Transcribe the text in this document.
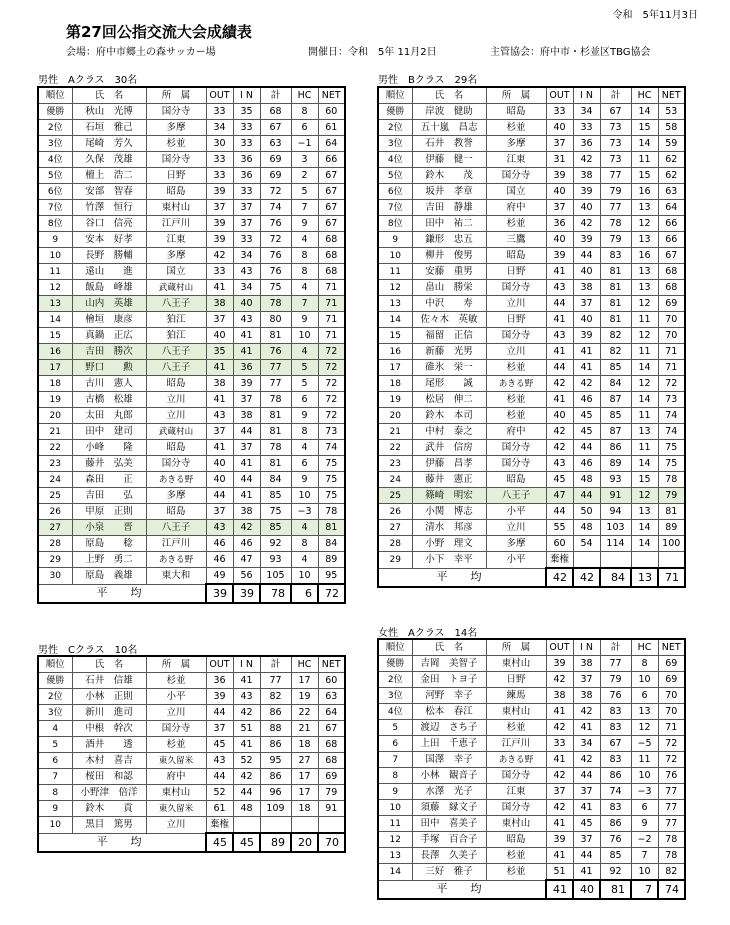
令和　5年11月3日
第27回公指交流大会成績表
会場：府中市郷土の森サッカー場	開催日：令和　5年 11月2日	主管協会：府中市・杉並区TBG協会
男性　Aクラス　30名
順位	氏　名	所　属	OUT	I N	計	HC	NET
優勝	秋山　光博	国分寺	33	35	68	8	60
2位	石垣　雅己	多摩	34	33	67	6	61
3位	尾崎　芳久	杉並	30	33	63	−1	64
4位	久保　茂雄	国分寺	33	36	69	3	66
5位	檀上　浩二	日野	33	36	69	2	67
6位	安部　智春	昭島	39	33	72	5	67
7位	竹澤　恒行	東村山	37	37	74	7	67
8位	谷口　信亮	江戸川	39	37	76	9	67
9	安本　好孝	江東	39	33	72	4	68
10	長野　勝輔	多摩	42	34	76	8	68
11	遠山　　進	国立	33	43	76	8	68
12	飯島　峰雄	武蔵村山	41	34	75	4	71
13	山内　英雄	八王子	38	40	78	7	71
14	檜垣　康彦	狛江	37	43	80	9	71
15	真鍋　正広	狛江	40	41	81	10	71
16	吉田　勝次	八王子	35	41	76	4	72
17	野口　　勲	八王子	41	36	77	5	72
18	古川　憲人	昭島	38	39	77	5	72
19	古橋　松雄	立川	41	37	78	6	72
20	太田　丸郎	立川	43	38	81	9	72
21	田中　建司	武蔵村山	37	44	81	8	73
22	小峰　　隆	昭島	41	37	78	4	74
23	藤井　弘美	国分寺	40	41	81	6	75
24	森田　　正	あきる野	40	44	84	9	75
25	吉田　　弘	多摩	44	41	85	10	75
26	甲原　正則	昭島	37	38	75	−3	78
27	小泉　　晋	八王子	43	42	85	4	81
28	原島　　稔	江戸川	46	46	92	8	84
29	上野　勇二	あきる野	46	47	93	4	89
30	原島　義雄	東大和	49	56	105	10	95
平　均			39	39	78	6	72
男性　Bクラス　29名
順位	氏　名	所　属	OUT	I N	計	HC	NET
優勝	岸波　健助	昭島	33	34	67	14	53
2位	五十嵐　昌志	杉並	40	33	73	15	58
3位	石井　教誉	多摩	37	36	73	14	59
4位	伊藤　健一	江東	31	42	73	11	62
5位	鈴木　　茂	国分寺	39	38	77	15	62
6位	坂井　孝章	国立	40	39	79	16	63
7位	吉田　静雄	府中	37	40	77	13	64
8位	田中　祐二	杉並	36	42	78	12	66
9	鎌形　忠五	三鷹	40	39	79	13	66
10	柳井　俊男	昭島	39	44	83	16	67
11	安藤　重男	日野	41	40	81	13	68
12	畠山　勝栄	国分寺	43	38	81	13	68
13	中沢　　寿	立川	44	37	81	12	69
14	佐々木　英敏	日野	41	40	81	11	70
15	福留　正信	国分寺	43	39	82	12	70
16	新藤　光男	立川	41	41	82	11	71
17	碓氷　栄一	杉並	44	41	85	14	71
18	尾形　　誠	あきる野	42	42	84	12	72
19	松居　伸二	杉並	41	46	87	14	73
20	鈴木　本司	杉並	40	45	85	11	74
21	中村　泰之	府中	42	45	87	13	74
22	武井　信房	国分寺	42	44	86	11	75
23	伊藤　昌孝	国分寺	43	46	89	14	75
24	藤井　憲正	昭島	45	48	93	15	78
25	篠崎　明宏	八王子	47	44	91	12	79
26	小関　博志	小平	44	50	94	13	81
27	清水　邦彦	立川	55	48	103	14	89
28	小野　理文	多摩	60	54	114	14	100
29	小下　幸平	小平	棄権				
平　均			42	42	84	13	71
男性　Cクラス　10名
順位	氏　名	所　属	OUT	I N	計	HC	NET
優勝	石井　信雄	杉並	36	41	77	17	60
2位	小林　正則	小平	39	43	82	19	63
3位	新川　進司	立川	44	42	86	22	64
4	中根　幹次	国分寺	37	51	88	21	67
5	酒井　　透	杉並	45	41	86	18	68
6	木村　喜吉	東久留米	43	52	95	27	68
7	桜田　和認	府中	44	42	86	17	69
8	小野津　倍洋	東村山	52	44	96	17	79
9	鈴木　　貢	東久留米	61	48	109	18	91
10	黒目　篤男	立川	棄権				
平　均			45	45	89	20	70
女性　Aクラス　14名
順位	氏　名	所　属	OUT	I N	計	HC	NET
優勝	吉岡　美智子	東村山	39	38	77	8	69
2位	金田　トヨ子	日野	42	37	79	10	69
3位	河野　幸子	練馬	38	38	76	6	70
4位	松本　春江	東村山	41	42	83	13	70
5	渡辺　さち子	杉並	42	41	83	12	71
6	上田　千恵子	江戸川	33	34	67	−5	72
7	国澤　幸子	あきる野	41	42	83	11	72
8	小林　観音子	国分寺	42	44	86	10	76
9	水澤　光子	江東	37	37	74	−3	77
10	須藤　縁文子	国分寺	42	41	83	6	77
11	田中　喜美子	東村山	41	45	86	9	77
12	手塚　百合子	昭島	39	37	76	−2	78
13	長澤　久美子	杉並	41	44	85	7	78
14	三好　雅子	杉並	51	41	92	10	82
平　均			41	40	81	7	74
